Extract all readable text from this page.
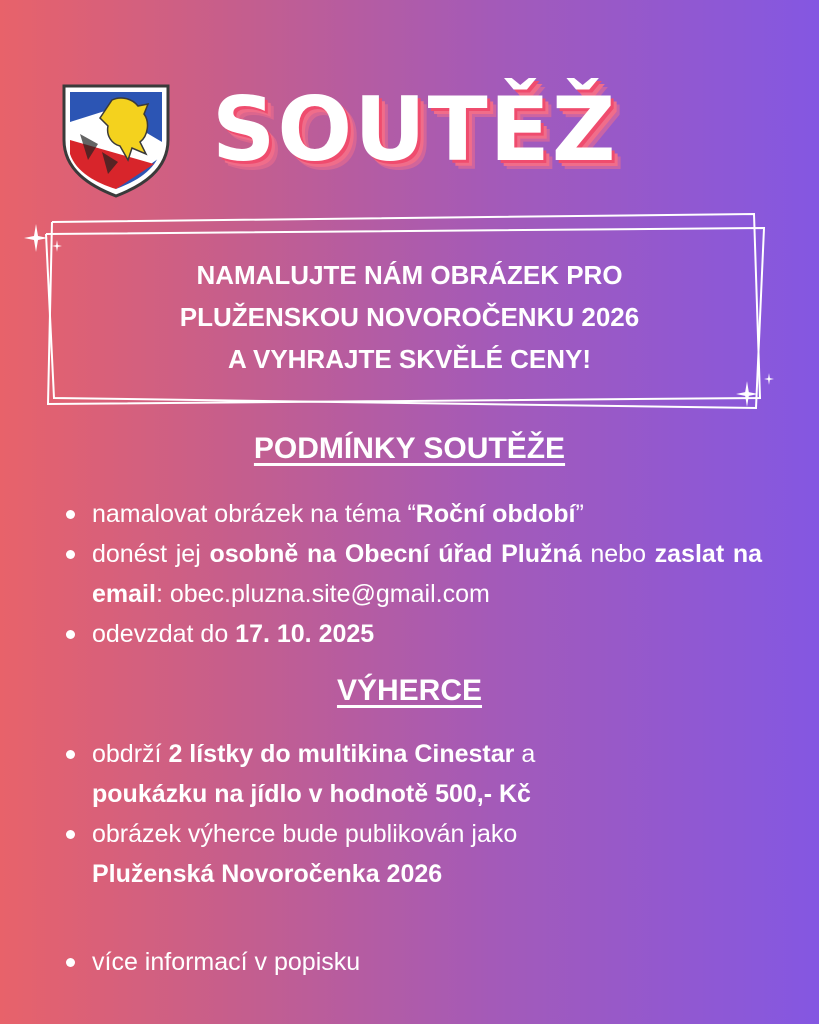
SOUTĚŽ
NAMALUJTE NÁM OBRÁZEK PRO
PLUŽENSKOU NOVOROČENKU 2026
A VYHRAJTE SKVĚLÉ CENY!
PODMÍNKY SOUTĚŽE
namalovat obrázek na téma “Roční období”
donést jej osobně na Obecní úřad Plužná nebo zaslat na email: obec.pluzna.site@gmail.com
odevzdat do 17. 10. 2025
VÝHERCE
obdrží 2 lístky do multikina Cinestar a
poukázku na jídlo v hodnotě 500,- Kč
obrázek výherce bude publikován jako
Pluženská Novoročenka 2026
více informací v popisku
